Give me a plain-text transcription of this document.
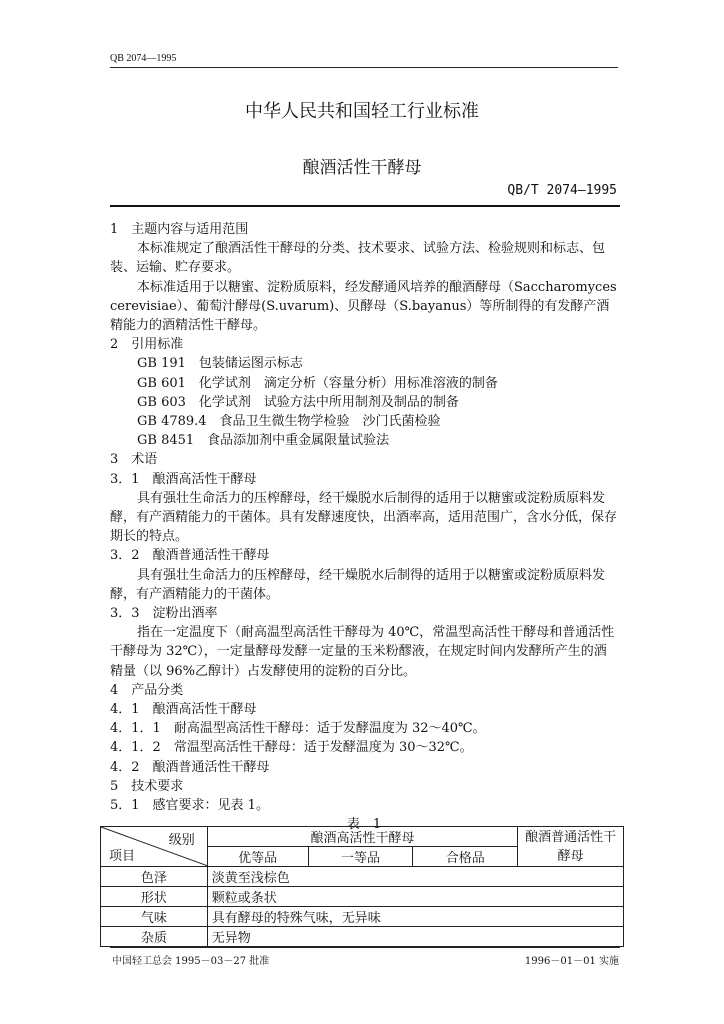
QB 2074—1995
中华人民共和国轻工行业标准
酿酒活性干酵母
QB/T 2074—1995

1　主题内容与适用范围

本标准规定了酿酒活性干酵母的分类、技术要求、试验方法、检验规则和标志、包装、运输、贮存要求。

本标准适用于以糖蜜、淀粉质原料，经发酵通风培养的酿酒酵母（Saccharomyces cerevisiae）、葡萄汁酵母(S.uvarum)、贝酵母（S.bayanus）等所制得的有发酵产酒精能力的酒精活性干酵母。

2　引用标准

GB 191　包装储运图示标志

GB 601　化学试剂　滴定分析（容量分析）用标准溶液的制备

GB 603　化学试剂　试验方法中所用制剂及制品的制备

GB 4789.4　食品卫生微生物学检验　沙门氏菌检验

GB 8451　食品添加剂中重金属限量试验法

3　术语

3．1　酿酒高活性干酵母

具有强壮生命活力的压榨酵母，经干燥脱水后制得的适用于以糖蜜或淀粉质原料发酵，有产酒精能力的干菌体。具有发酵速度快，出酒率高，适用范围广，含水分低，保存期长的特点。

3．2　酿酒普通活性干酵母

具有强壮生命活力的压榨酵母，经干燥脱水后制得的适用于以糖蜜或淀粉质原料发酵，有产酒精能力的干菌体。

3．3　淀粉出酒率

指在一定温度下（耐高温型高活性干酵母为 40℃，常温型高活性干酵母和普通活性干酵母为 32℃），一定量酵母发酵一定量的玉米粉醪液，在规定时间内发酵所产生的酒精量（以 96%乙醇计）占发酵使用的淀粉的百分比。

4　产品分类

4．1　酿酒高活性干酵母

4．1．1　耐高温型高活性干酵母：适于发酵温度为 32～40℃。

4．1．2　常温型高活性干酵母：适于发酵温度为 30～32℃。

4．2　酿酒普通活性干酵母

5　技术要求

5．1　感官要求：见表 1。

表　1

级别
项目	酿酒高活性干酵母			酿酒普通活性干酵母
	优等品	一等品	合格品	
色泽	淡黄至浅棕色			
形状	颗粒或条状			
气味	具有酵母的特殊气味，无异味			
杂质	无异物			
中国轻工总会 1995－03－27 批准	1996－01－01 实施
